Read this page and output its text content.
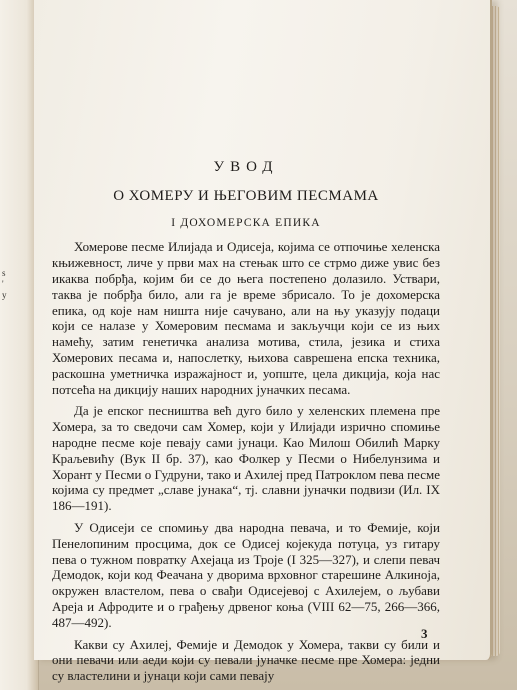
s
'
y
УВОД
О ХОМЕРУ И ЊЕГОВИМ ПЕСМАМА
I ДОХОМЕРСКА ЕПИКА

Хомерове песме Илијада и Одисеја, којима се отпочиње хеленска књижевност, личе у први мах на стењак што се стрмо диже увис без икаква побрђа, којим би се до њега постепено долазило. Уствари, таква је побрђа било, али га је време збрисало. То је дохомерска епика, од које нам ништа није сачувано, али на њу указују подаци који се налазе у Хомеровим песмама и закључци који се из њих намећу, затим генетичка анализа мотива, стила, језика и стиха Хомерових песама и, напослетку, њихова саврeшена епска техника, раскошна уметничка изражајност и, уопште, цела дикција, која нас потсећа на дикцију наших народних јуначких песама.

Да је епског песништва већ дуго било у хеленских племена пре Хомера, за то сведочи сам Хомер, који у Илијади изрично спомиње народне песме које певају сами јунаци. Као Милош Обилић Марку Краљевићу (Вук II бр. 37), као Фолкер у Песми о Нибелунзима и Хорант у Песми о Гудруни, тако и Ахилеј пред Патроклом пева песме којима су предмет „славе јунака“, тј. славни јуначки подвизи (Ил. IX 186—191).

У Одисеји се спомињу два народна певача, и то Фемије, који Пенелопиним просцима, док се Одисеј којекуда потуца, уз гитару пева о тужном повратку Ахејаца из Троје (I 325—327), и слепи певач Демодок, који код Феачана у дворима врховног старешине Алкиноја, окружен властелом, пева о свађи Одисејевој с Ахилејем, о љубави Ареја и Афродите и о грађењу дрвеног коња (VIII 62—75, 266—366, 487—492).

Какви су Ахилеј, Фемије и Демодок у Хомера, такви су били и они певачи или аеди који су певали јуначке песме пре Хомера: једни су властелини и јунаци који сами певају

3
